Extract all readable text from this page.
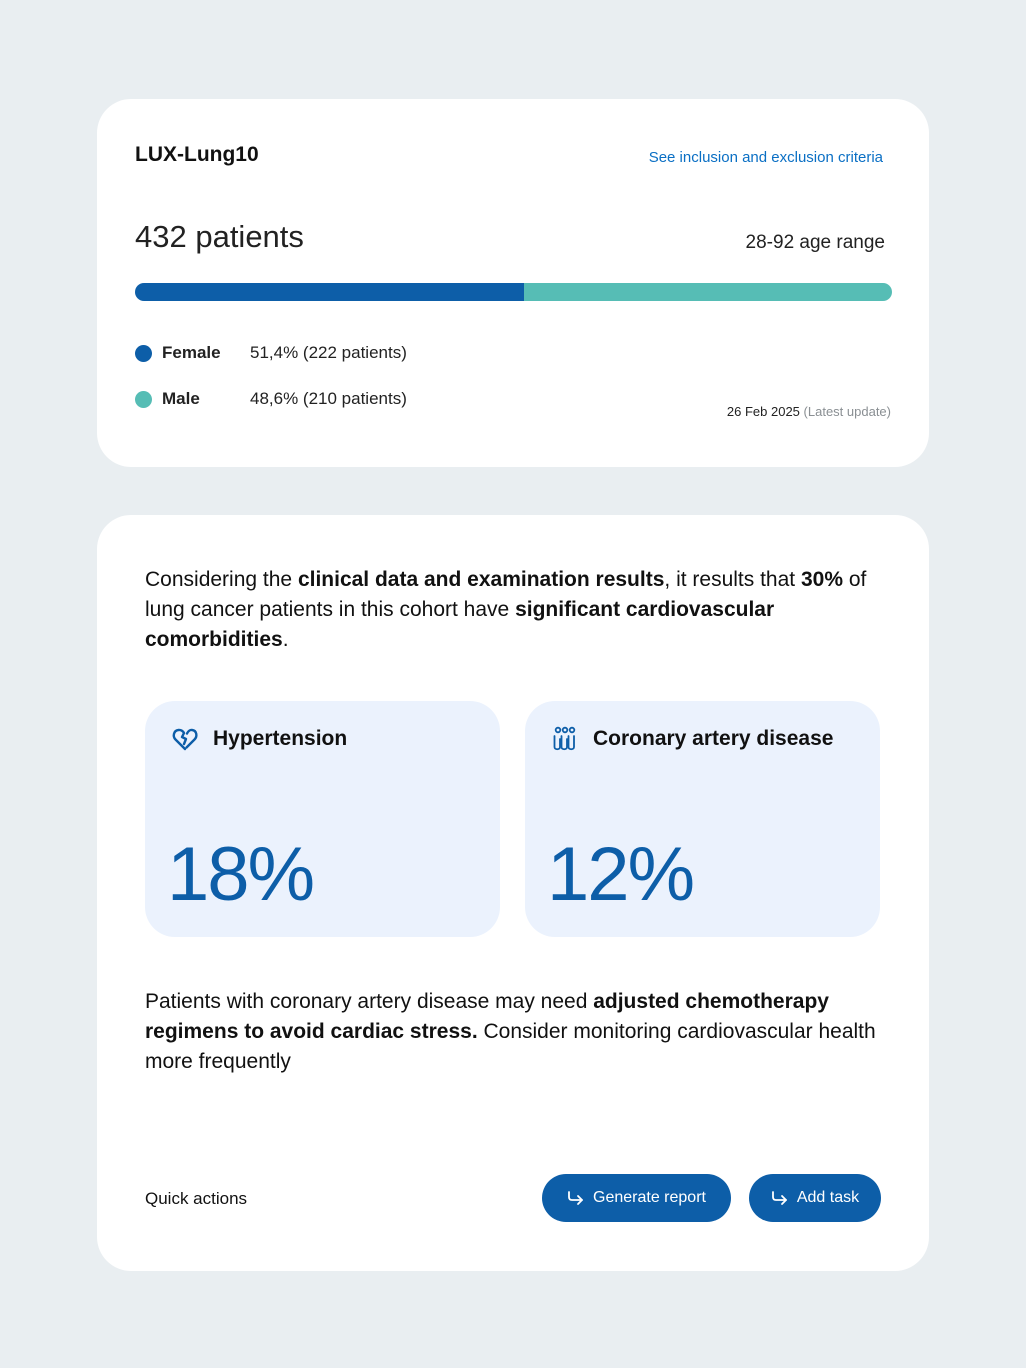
LUX-Lung10	See inclusion and exclusion criteria
432 patients	28-92 age range
Female	51,4% (222 patients)
Male	48,6% (210 patients)
26 Feb 2025 (Latest update)

Considering the clinical data and examination results, it results that 30% of lung cancer patients in this cohort have significant cardiovascular comorbidities.

Hypertension
18%
Coronary artery disease
12%

Patients with coronary artery disease may need adjusted chemotherapy regimens to avoid cardiac stress. Consider monitoring cardiovascular health more frequently

Quick actions	Generate report	Add task
